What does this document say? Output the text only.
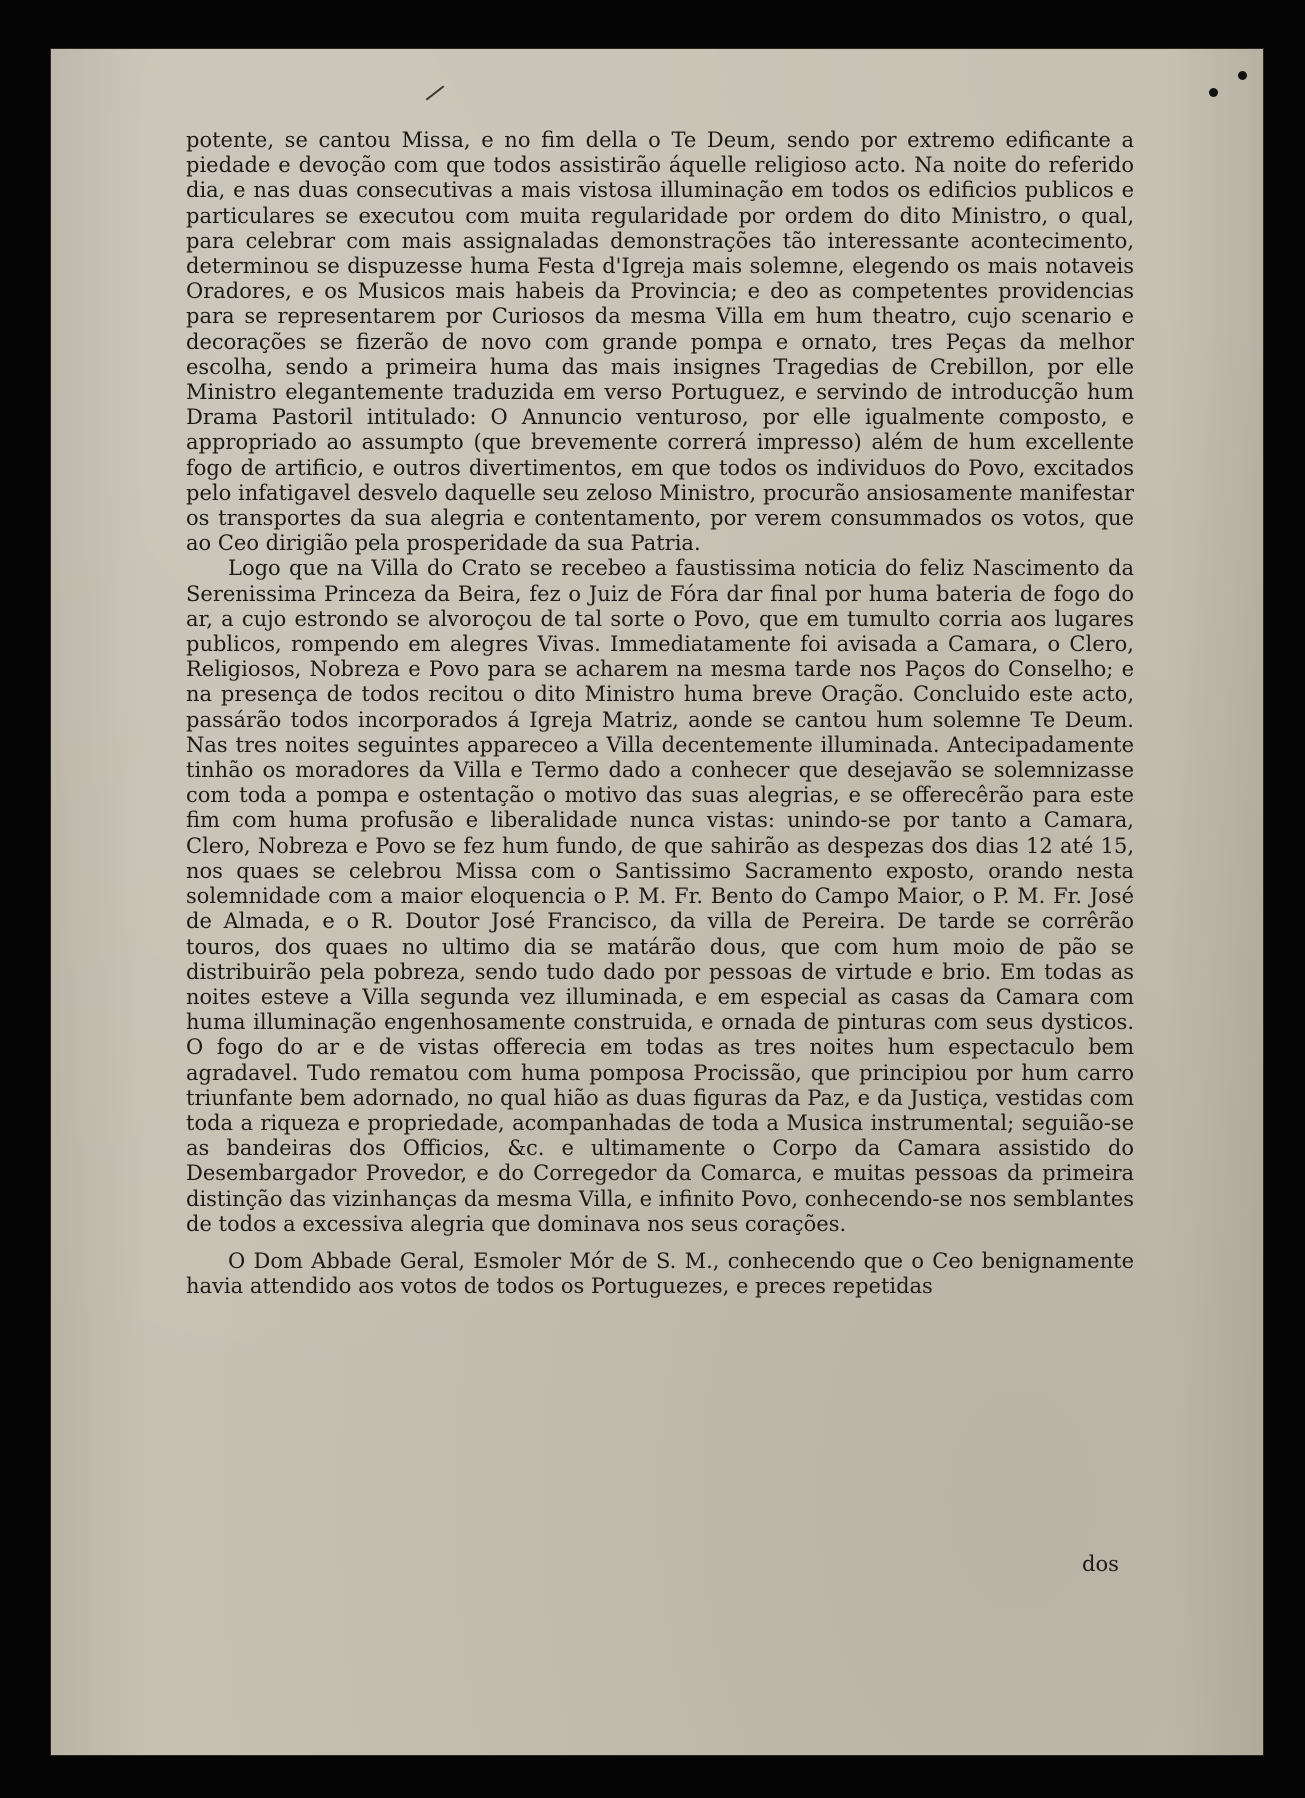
potente, se cantou Missa, e no fim della o Te Deum, sendo por extremo edificante a piedade e devoção com que todos assistirão áquelle religioso acto. Na noite do referido dia, e nas duas consecutivas a mais vistosa illuminação em todos os edificios publicos e particulares se executou com muita regularidade por ordem do dito Ministro, o qual, para celebrar com mais assignaladas demonstrações tão interessante acontecimento, determinou se dispuzesse huma Festa d'Igreja mais solemne, elegendo os mais notaveis Oradores, e os Musicos mais habeis da Provincia; e deo as competentes providencias para se representarem por Curiosos da mesma Villa em hum theatro, cujo scenario e decorações se fizerão de novo com grande pompa e ornato, tres Peças da melhor escolha, sendo a primeira huma das mais insignes Tragedias de Crebillon, por elle Ministro elegantemente traduzida em verso Portuguez, e servindo de introducção hum Drama Pastoril intitulado: O Annuncio venturoso, por elle igualmente composto, e appropriado ao assumpto (que brevemente correrá impresso) além de hum excellente fogo de artificio, e outros divertimentos, em que todos os individuos do Povo, excitados pelo infatigavel desvelo daquelle seu zeloso Ministro, procurão ansiosamente manifestar os transportes da sua alegria e contentamento, por verem consummados os votos, que ao Ceo dirigião pela prosperidade da sua Patria.

Logo que na Villa do Crato se recebeo a faustissima noticia do feliz Nascimento da Serenissima Princeza da Beira, fez o Juiz de Fóra dar final por huma bateria de fogo do ar, a cujo estrondo se alvoroçou de tal sorte o Povo, que em tumulto corria aos lugares publicos, rompendo em alegres Vivas. Immediatamente foi avisada a Camara, o Clero, Religiosos, Nobreza e Povo para se acharem na mesma tarde nos Paços do Conselho; e na presença de todos recitou o dito Ministro huma breve Oração. Concluido este acto, passárão todos incorporados á Igreja Matriz, aonde se cantou hum solemne Te Deum. Nas tres noites seguintes appareceo a Villa decentemente illuminada. Antecipadamente tinhão os moradores da Villa e Termo dado a conhecer que desejavão se solemnizasse com toda a pompa e ostentação o motivo das suas alegrias, e se offerecêrão para este fim com huma profusão e liberalidade nunca vistas: unindo-se por tanto a Camara, Clero, Nobreza e Povo se fez hum fundo, de que sahirão as despezas dos dias 12 até 15, nos quaes se celebrou Missa com o Santissimo Sacramento exposto, orando nesta solemnidade com a maior eloquencia o P. M. Fr. Bento do Campo Maior, o P. M. Fr. José de Almada, e o R. Doutor José Francisco, da villa de Pereira. De tarde se corrêrão touros, dos quaes no ultimo dia se matárão dous, que com hum moio de pão se distribuirão pela pobreza, sendo tudo dado por pessoas de virtude e brio. Em todas as noites esteve a Villa segunda vez illuminada, e em especial as casas da Camara com huma illuminação engenhosamente construida, e ornada de pinturas com seus dysticos. O fogo do ar e de vistas offerecia em todas as tres noites hum espectaculo bem agradavel. Tudo rematou com huma pomposa Procissão, que principiou por hum carro triunfante bem adornado, no qual hião as duas figuras da Paz, e da Justiça, vestidas com toda a riqueza e propriedade, acompanhadas de toda a Musica instrumental; seguião-se as bandeiras dos Officios, &c. e ultimamente o Corpo da Camara assistido do Desembargador Provedor, e do Corregedor da Comarca, e muitas pessoas da primeira distinção das vizinhanças da mesma Villa, e infinito Povo, conhecendo-se nos semblantes de todos a excessiva alegria que dominava nos seus corações.

O Dom Abbade Geral, Esmoler Mór de S. M., conhecendo que o Ceo benignamente havia attendido aos votos de todos os Portuguezes, e preces repetidas

dos
